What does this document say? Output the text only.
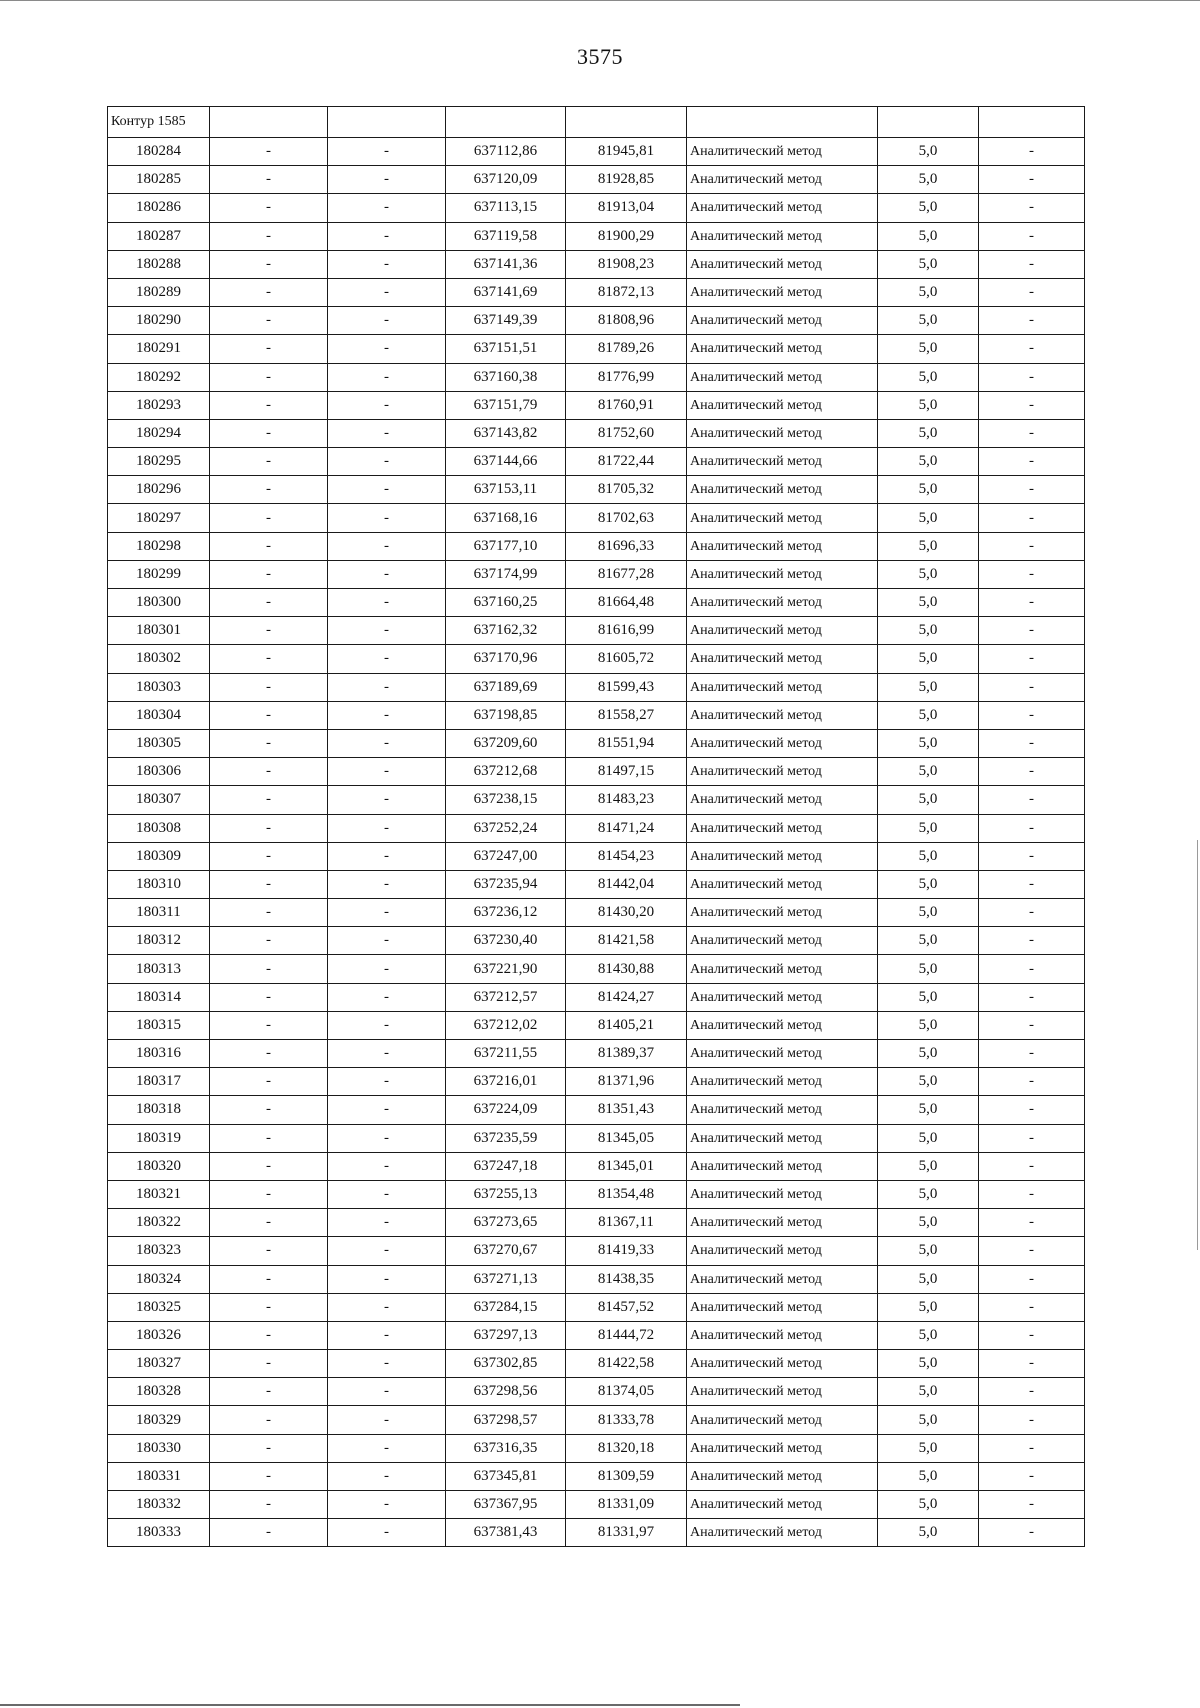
3575
Контур 1585							
180284	-	-	637112,86	81945,81	Аналитический метод	5,0	-
180285	-	-	637120,09	81928,85	Аналитический метод	5,0	-
180286	-	-	637113,15	81913,04	Аналитический метод	5,0	-
180287	-	-	637119,58	81900,29	Аналитический метод	5,0	-
180288	-	-	637141,36	81908,23	Аналитический метод	5,0	-
180289	-	-	637141,69	81872,13	Аналитический метод	5,0	-
180290	-	-	637149,39	81808,96	Аналитический метод	5,0	-
180291	-	-	637151,51	81789,26	Аналитический метод	5,0	-
180292	-	-	637160,38	81776,99	Аналитический метод	5,0	-
180293	-	-	637151,79	81760,91	Аналитический метод	5,0	-
180294	-	-	637143,82	81752,60	Аналитический метод	5,0	-
180295	-	-	637144,66	81722,44	Аналитический метод	5,0	-
180296	-	-	637153,11	81705,32	Аналитический метод	5,0	-
180297	-	-	637168,16	81702,63	Аналитический метод	5,0	-
180298	-	-	637177,10	81696,33	Аналитический метод	5,0	-
180299	-	-	637174,99	81677,28	Аналитический метод	5,0	-
180300	-	-	637160,25	81664,48	Аналитический метод	5,0	-
180301	-	-	637162,32	81616,99	Аналитический метод	5,0	-
180302	-	-	637170,96	81605,72	Аналитический метод	5,0	-
180303	-	-	637189,69	81599,43	Аналитический метод	5,0	-
180304	-	-	637198,85	81558,27	Аналитический метод	5,0	-
180305	-	-	637209,60	81551,94	Аналитический метод	5,0	-
180306	-	-	637212,68	81497,15	Аналитический метод	5,0	-
180307	-	-	637238,15	81483,23	Аналитический метод	5,0	-
180308	-	-	637252,24	81471,24	Аналитический метод	5,0	-
180309	-	-	637247,00	81454,23	Аналитический метод	5,0	-
180310	-	-	637235,94	81442,04	Аналитический метод	5,0	-
180311	-	-	637236,12	81430,20	Аналитический метод	5,0	-
180312	-	-	637230,40	81421,58	Аналитический метод	5,0	-
180313	-	-	637221,90	81430,88	Аналитический метод	5,0	-
180314	-	-	637212,57	81424,27	Аналитический метод	5,0	-
180315	-	-	637212,02	81405,21	Аналитический метод	5,0	-
180316	-	-	637211,55	81389,37	Аналитический метод	5,0	-
180317	-	-	637216,01	81371,96	Аналитический метод	5,0	-
180318	-	-	637224,09	81351,43	Аналитический метод	5,0	-
180319	-	-	637235,59	81345,05	Аналитический метод	5,0	-
180320	-	-	637247,18	81345,01	Аналитический метод	5,0	-
180321	-	-	637255,13	81354,48	Аналитический метод	5,0	-
180322	-	-	637273,65	81367,11	Аналитический метод	5,0	-
180323	-	-	637270,67	81419,33	Аналитический метод	5,0	-
180324	-	-	637271,13	81438,35	Аналитический метод	5,0	-
180325	-	-	637284,15	81457,52	Аналитический метод	5,0	-
180326	-	-	637297,13	81444,72	Аналитический метод	5,0	-
180327	-	-	637302,85	81422,58	Аналитический метод	5,0	-
180328	-	-	637298,56	81374,05	Аналитический метод	5,0	-
180329	-	-	637298,57	81333,78	Аналитический метод	5,0	-
180330	-	-	637316,35	81320,18	Аналитический метод	5,0	-
180331	-	-	637345,81	81309,59	Аналитический метод	5,0	-
180332	-	-	637367,95	81331,09	Аналитический метод	5,0	-
180333	-	-	637381,43	81331,97	Аналитический метод	5,0	-
